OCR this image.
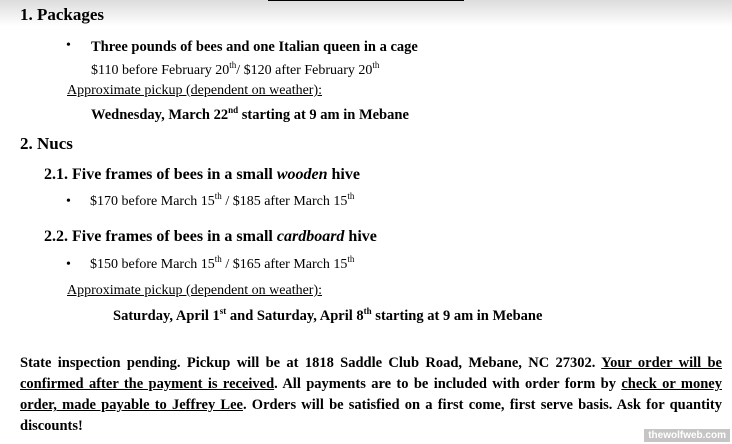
1. Packages
• Three pounds of bees and one Italian queen in a cage
$110 before February 20th/ $120 after February 20th
Approximate pickup (dependent on weather):
Wednesday, March 22nd starting at 9 am in Mebane
2. Nucs
2.1. Five frames of bees in a small wooden hive
• $170 before March 15th / $185 after March 15th
2.2. Five frames of bees in a small cardboard hive
• $150 before March 15th / $165 after March 15th
Approximate pickup (dependent on weather):
Saturday, April 1st and Saturday, April 8th starting at 9 am in Mebane
State inspection pending. Pickup will be at 1818 Saddle Club Road, Mebane, NC 27302. Your order will be confirmed after the payment is received. All payments are to be included with order form by check or money order, made payable to Jeffrey Lee. Orders will be satisfied on a first come, first serve basis. Ask for quantity discounts!
thewolfweb.com
